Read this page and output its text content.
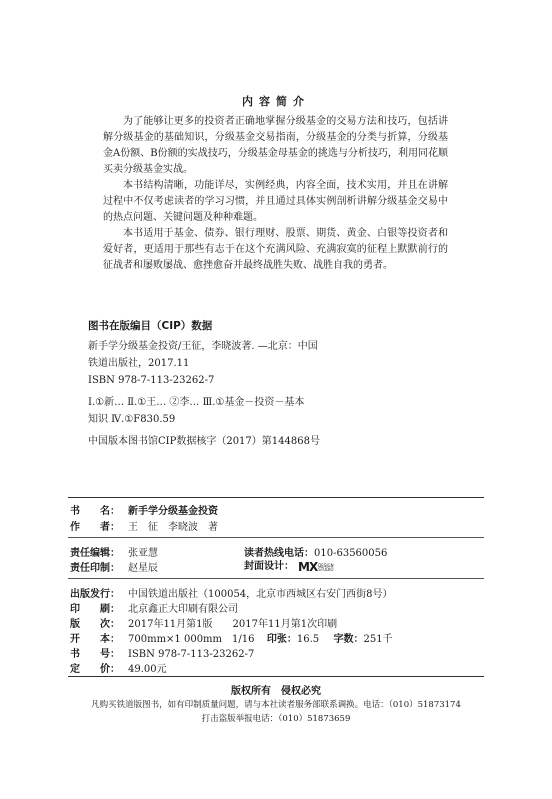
内容简介

为了能够让更多的投资者正确地掌握分级基金的交易方法和技巧，包括讲解分级基金的基础知识，分级基金交易指南，分级基金的分类与折算，分级基金A份额、B份额的实战技巧，分级基金母基金的挑选与分析技巧，利用同花顺买卖分级基金实战。

本书结构清晰，功能详尽，实例经典，内容全面，技术实用，并且在讲解过程中不仅考虑读者的学习习惯，并且通过具体实例剖析讲解分级基金交易中的热点问题、关键问题及种种难题。

本书适用于基金、债券、银行理财、股票、期货、黄金、白银等投资者和爱好者，更适用于那些有志于在这个充满风险、充满寂寞的征程上默默前行的征战者和屡败屡战、愈挫愈奋并最终战胜失败、战胜自我的勇者。

图书在版编目（CIP）数据
新手学分级基金投资/王征，李晓波著. —北京：中国
铁道出版社，2017.11
ISBN 978-7-113-23262-7
Ⅰ.①新… Ⅱ.①王… ②李… Ⅲ.①基金－投资－基本
知识 Ⅳ.①F830.59
中国版本图书馆CIP数据核字（2017）第144868号
书　　名： 新手学分级基金投资
作　　者： 王　征　李晓波　著
责任编辑： 张亚慧	读者热线电话：010-63560056
责任印制： 赵星辰	封面设计： MXDESIGN
STUDIO
出版发行： 中国铁道出版社（100054，北京市西城区右安门西街8号）
印　　刷： 北京鑫正大印刷有限公司
版　　次： 2017年11月第1版　　2017年11月第1次印刷
开　　本： 700mm×1 000mm　1/16 印张：16.5 字数：251千
书　　号： ISBN 978-7-113-23262-7
定　　价： 49.00元
版权所有　侵权必究
凡购买铁道版图书，如有印制质量问题，请与本社读者服务部联系调换。电话：（010）51873174
打击盗版举报电话：（010）51873659
